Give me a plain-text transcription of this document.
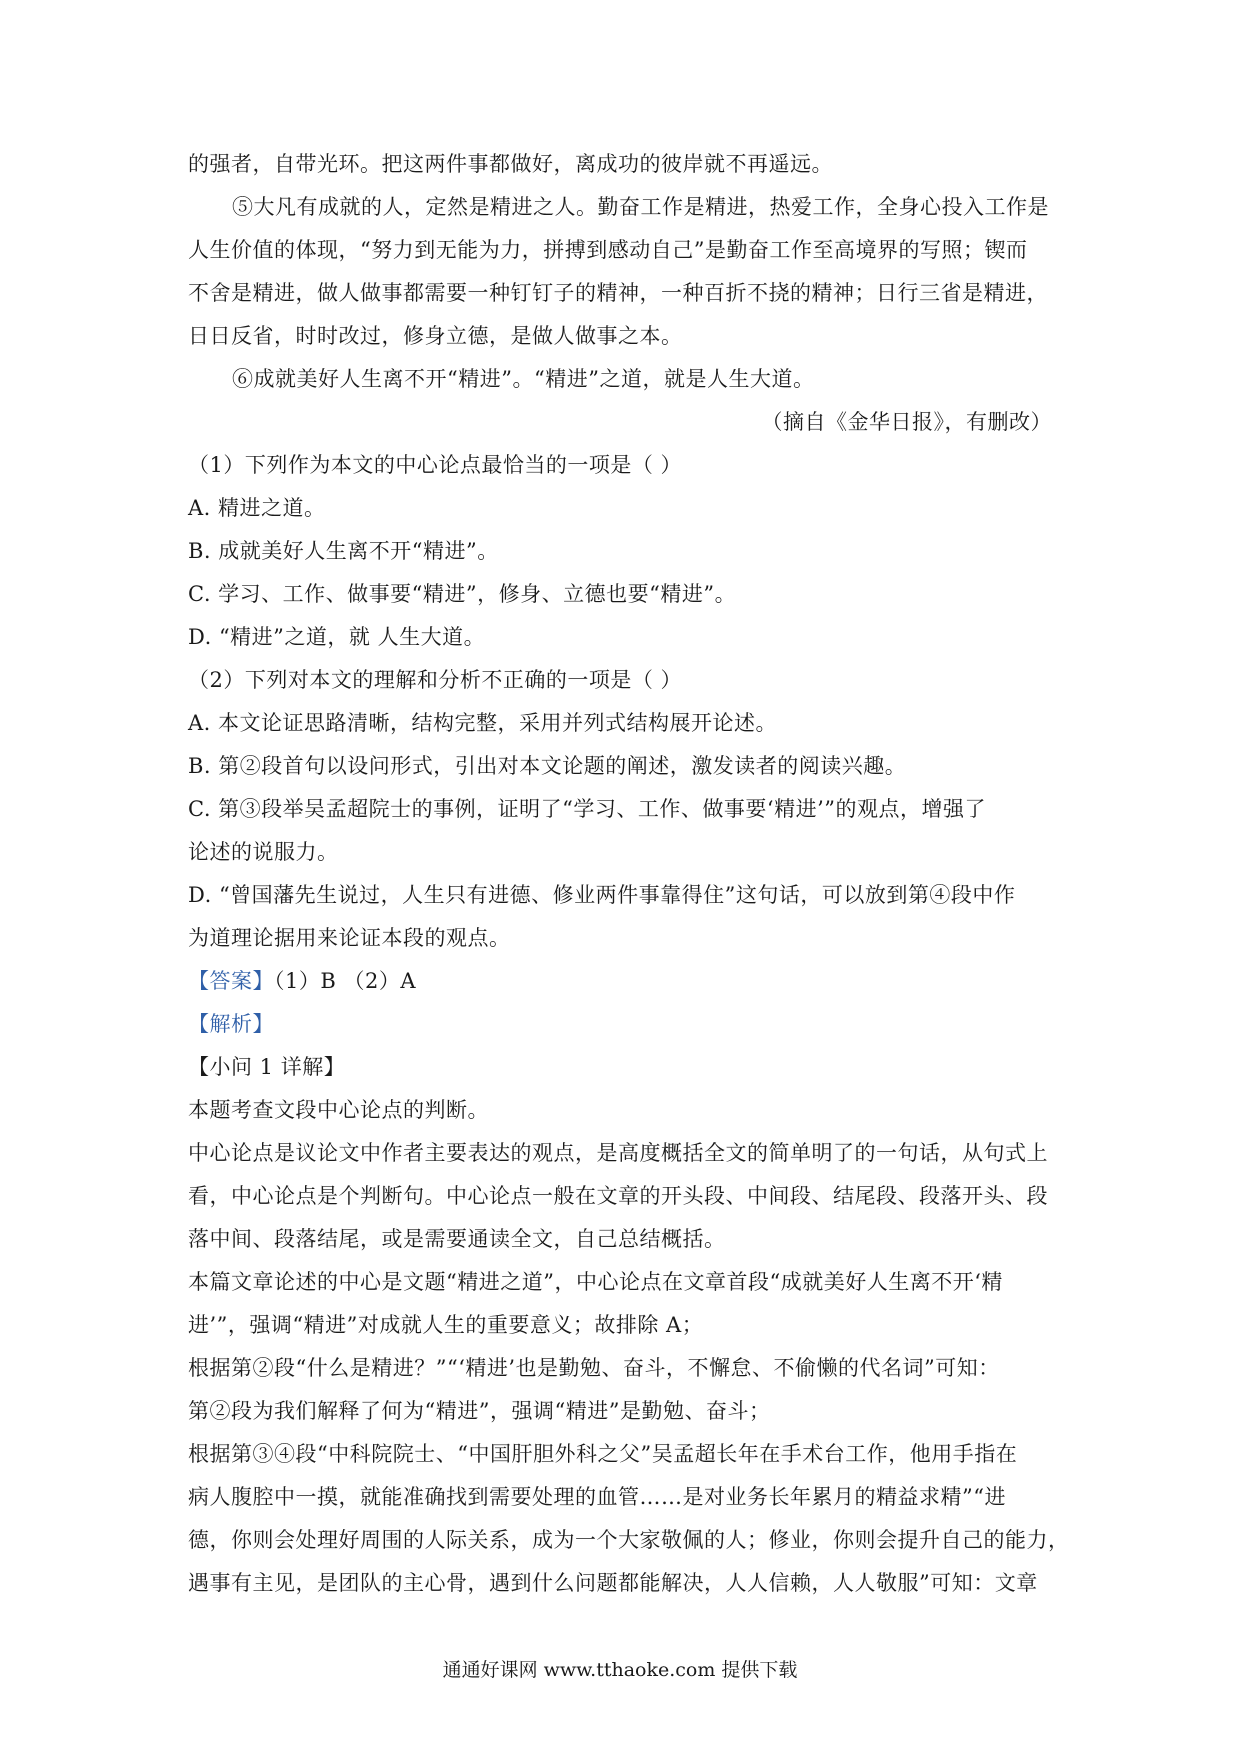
的强者，自带光环。把这两件事都做好，离成功的彼岸就不再遥远。
⑤大凡有成就的人，定然是精进之人。勤奋工作是精进，热爱工作，全身心投入工作是
人生价值的体现，“努力到无能为力，拼搏到感动自己”是勤奋工作至高境界的写照；锲而
不舍是精进，做人做事都需要一种钉钉子的精神，一种百折不挠的精神；日行三省是精进，
日日反省，时时改过，修身立德，是做人做事之本。
⑥成就美好人生离不开“精进”。“精进”之道，就是人生大道。
（摘自《金华日报》，有删改）
（1）下列作为本文的中心论点最恰当的一项是（ ）
A. 精进之道。
B. 成就美好人生离不开“精进”。
C. 学习、工作、做事要“精进”，修身、立德也要“精进”。
D. “精进”之道，就 人生大道。
（2）下列对本文的理解和分析不正确的一项是（ ）
A. 本文论证思路清晰，结构完整，采用并列式结构展开论述。
B. 第②段首句以设问形式，引出对本文论题的阐述，激发读者的阅读兴趣。
C. 第③段举吴孟超院士的事例，证明了“学习、工作、做事要‘精进’”的观点，增强了
论述的说服力。
D. “曾国藩先生说过，人生只有进德、修业两件事靠得住”这句话，可以放到第④段中作
为道理论据用来论证本段的观点。
【答案】（1）B （2）A
【解析】
【小问 1 详解】
本题考查文段中心论点的判断。
中心论点是议论文中作者主要表达的观点，是高度概括全文的简单明了的一句话，从句式上
看，中心论点是个判断句。中心论点一般在文章的开头段、中间段、结尾段、段落开头、段
落中间、段落结尾，或是需要通读全文，自己总结概括。
本篇文章论述的中心是文题“精进之道”，中心论点在文章首段“成就美好人生离不开‘精
进’”，强调“精进”对成就人生的重要意义；故排除 A；
根据第②段“什么是精进？”“‘精进’也是勤勉、奋斗，不懈怠、不偷懒的代名词”可知：
第②段为我们解释了何为“精进”，强调“精进”是勤勉、奋斗；
根据第③④段“中科院院士、“中国肝胆外科之父”吴孟超长年在手术台工作，他用手指在
病人腹腔中一摸，就能准确找到需要处理的血管……是对业务长年累月的精益求精”“进
德，你则会处理好周围的人际关系，成为一个大家敬佩的人；修业，你则会提升自己的能力，
遇事有主见，是团队的主心骨，遇到什么问题都能解决，人人信赖，人人敬服”可知：文章
通通好课网 www.tthaoke.com 提供下载
